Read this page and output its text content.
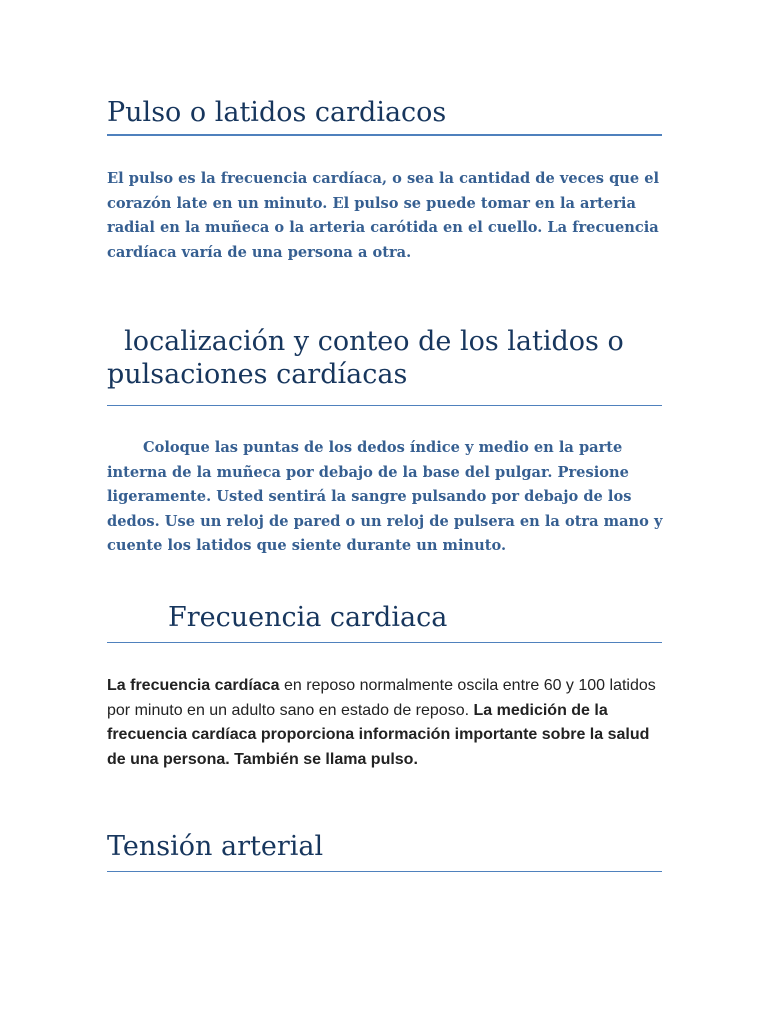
Pulso o latidos cardiacos

El pulso es la frecuencia cardíaca, o sea la cantidad de veces que el corazón late en un minuto. El pulso se puede tomar en la arteria radial en la muñeca o la arteria carótida en el cuello. La frecuencia cardíaca varía de una persona a otra.

localización y conteo de los latidos o pulsaciones cardíacas

Coloque las puntas de los dedos índice y medio en la parte interna de la muñeca por debajo de la base del pulgar. Presione ligeramente. Usted sentirá la sangre pulsando por debajo de los dedos. Use un reloj de pared o un reloj de pulsera en la otra mano y cuente los latidos que siente durante un minuto.

Frecuencia cardiaca

La frecuencia cardíaca en reposo normalmente oscila entre 60 y 100 latidos por minuto en un adulto sano en estado de reposo. La medición de la frecuencia cardíaca proporciona información importante sobre la salud de una persona. También se llama pulso.

Tensión arterial
